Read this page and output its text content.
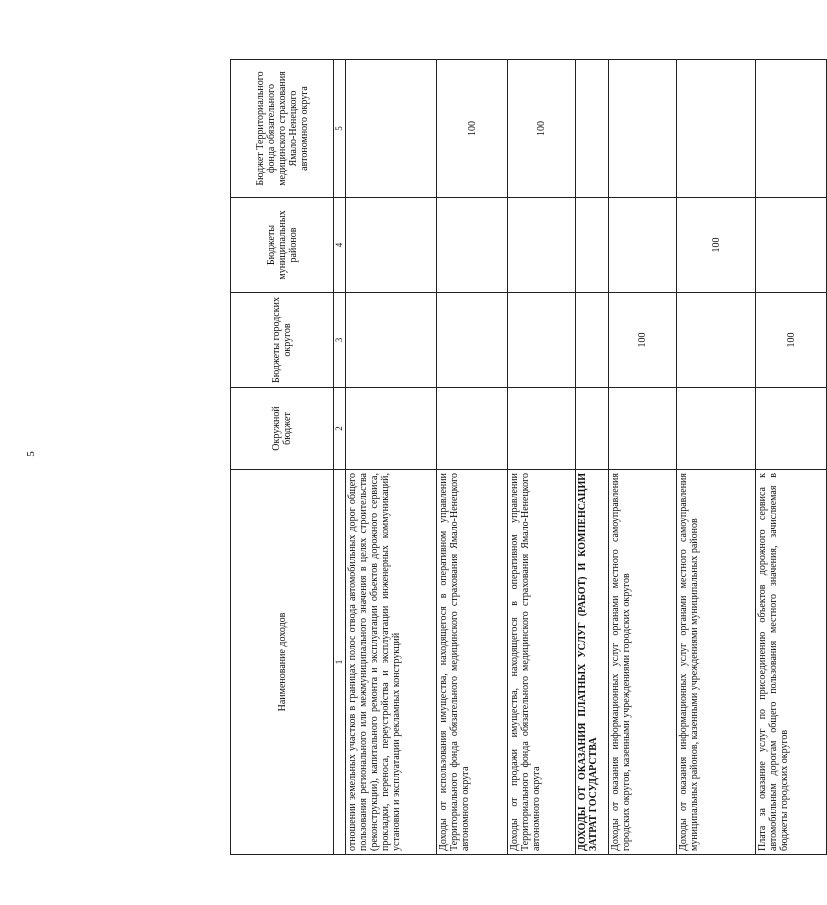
5
Наименование доходов	Окружной бюджет	Бюджеты городских округов	Бюджеты муниципальных районов	Бюджет Территориального фонда обязательного медицинского страхования Ямало-Ненецкого автономного округа
1	2	3	4	5
отношении земельных участков в границах полос отвода автомобильных дорог общего пользования регионального или межмуниципального значения в целях строительства (реконструкции), капитального ремонта и эксплуатации объектов дорожного сервиса, прокладки, переноса, переустройства и эксплуатации инженерных коммуникаций, установки и эксплуатации рекламных конструкций				
Доходы от использования имущества, находящегося в оперативном управлении Территориального фонда обязательного медицинского страхования Ямало-Ненецкого автономного округа				100
Доходы от продажи имущества, находящегося в оперативном управлении Территориального фонда обязательного медицинского страхования Ямало-Ненецкого автономного округа				100
ДОХОДЫ ОТ ОКАЗАНИЯ ПЛАТНЫХ УСЛУГ (РАБОТ) И КОМПЕНСАЦИИ ЗАТРАТ ГОСУДАРСТВА				
Доходы от оказания информационных услуг органами местного самоуправления городских округов, казенными учреждениями городских округов		100		
Доходы от оказания информационных услуг органами местного самоуправления муниципальных районов, казенными учреждениями муниципальных районов			100	
Плата за оказание услуг по присоединению объектов дорожного сервиса к автомобильным дорогам общего пользования местного значения, зачисляемая в бюджеты городских округов		100		
